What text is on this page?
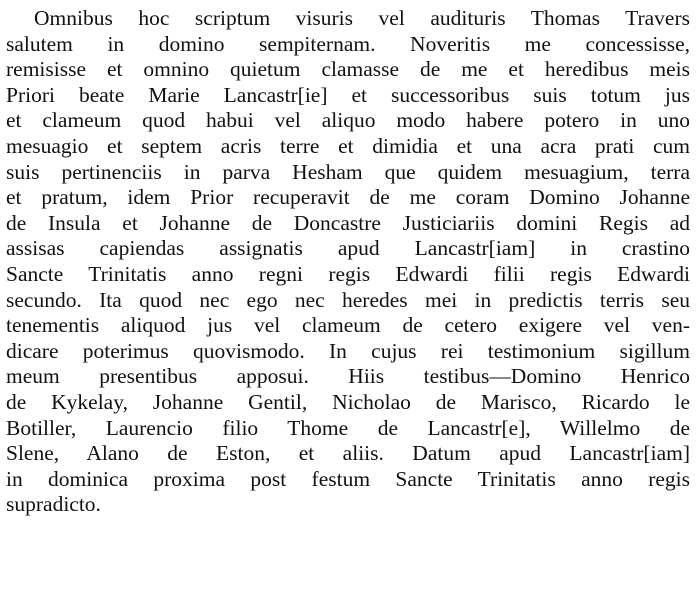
Omnibus hoc scriptum visuris vel audituris Thomas Travers
salutem in domino sempiternam. Noveritis me concessisse,
remisisse et omnino quietum clamasse de me et heredibus meis
Priori beate Marie Lancastr[ie] et successoribus suis totum jus
et clameum quod habui vel aliquo modo habere potero in uno
mesuagio et septem acris terre et dimidia et una acra prati cum
suis pertinenciis in parva Hesham que quidem mesuagium, terra
et pratum, idem Prior recuperavit de me coram Domino Johanne
de Insula et Johanne de Doncastre Justiciariis domini Regis ad
assisas capiendas assignatis apud Lancastr[iam] in crastino
Sancte Trinitatis anno regni regis Edwardi filii regis Edwardi
secundo. Ita quod nec ego nec heredes mei in predictis terris seu
tenementis aliquod jus vel clameum de cetero exigere vel ven-
dicare poterimus quovismodo. In cujus rei testimonium sigillum
meum presentibus apposui. Hiis testibus—Domino Henrico
de Kykelay, Johanne Gentil, Nicholao de Marisco, Ricardo le
Botiller, Laurencio filio Thome de Lancastr[e], Willelmo de
Slene, Alano de Eston, et aliis. Datum apud Lancastr[iam]
in dominica proxima post festum Sancte Trinitatis anno regis
supradicto.
